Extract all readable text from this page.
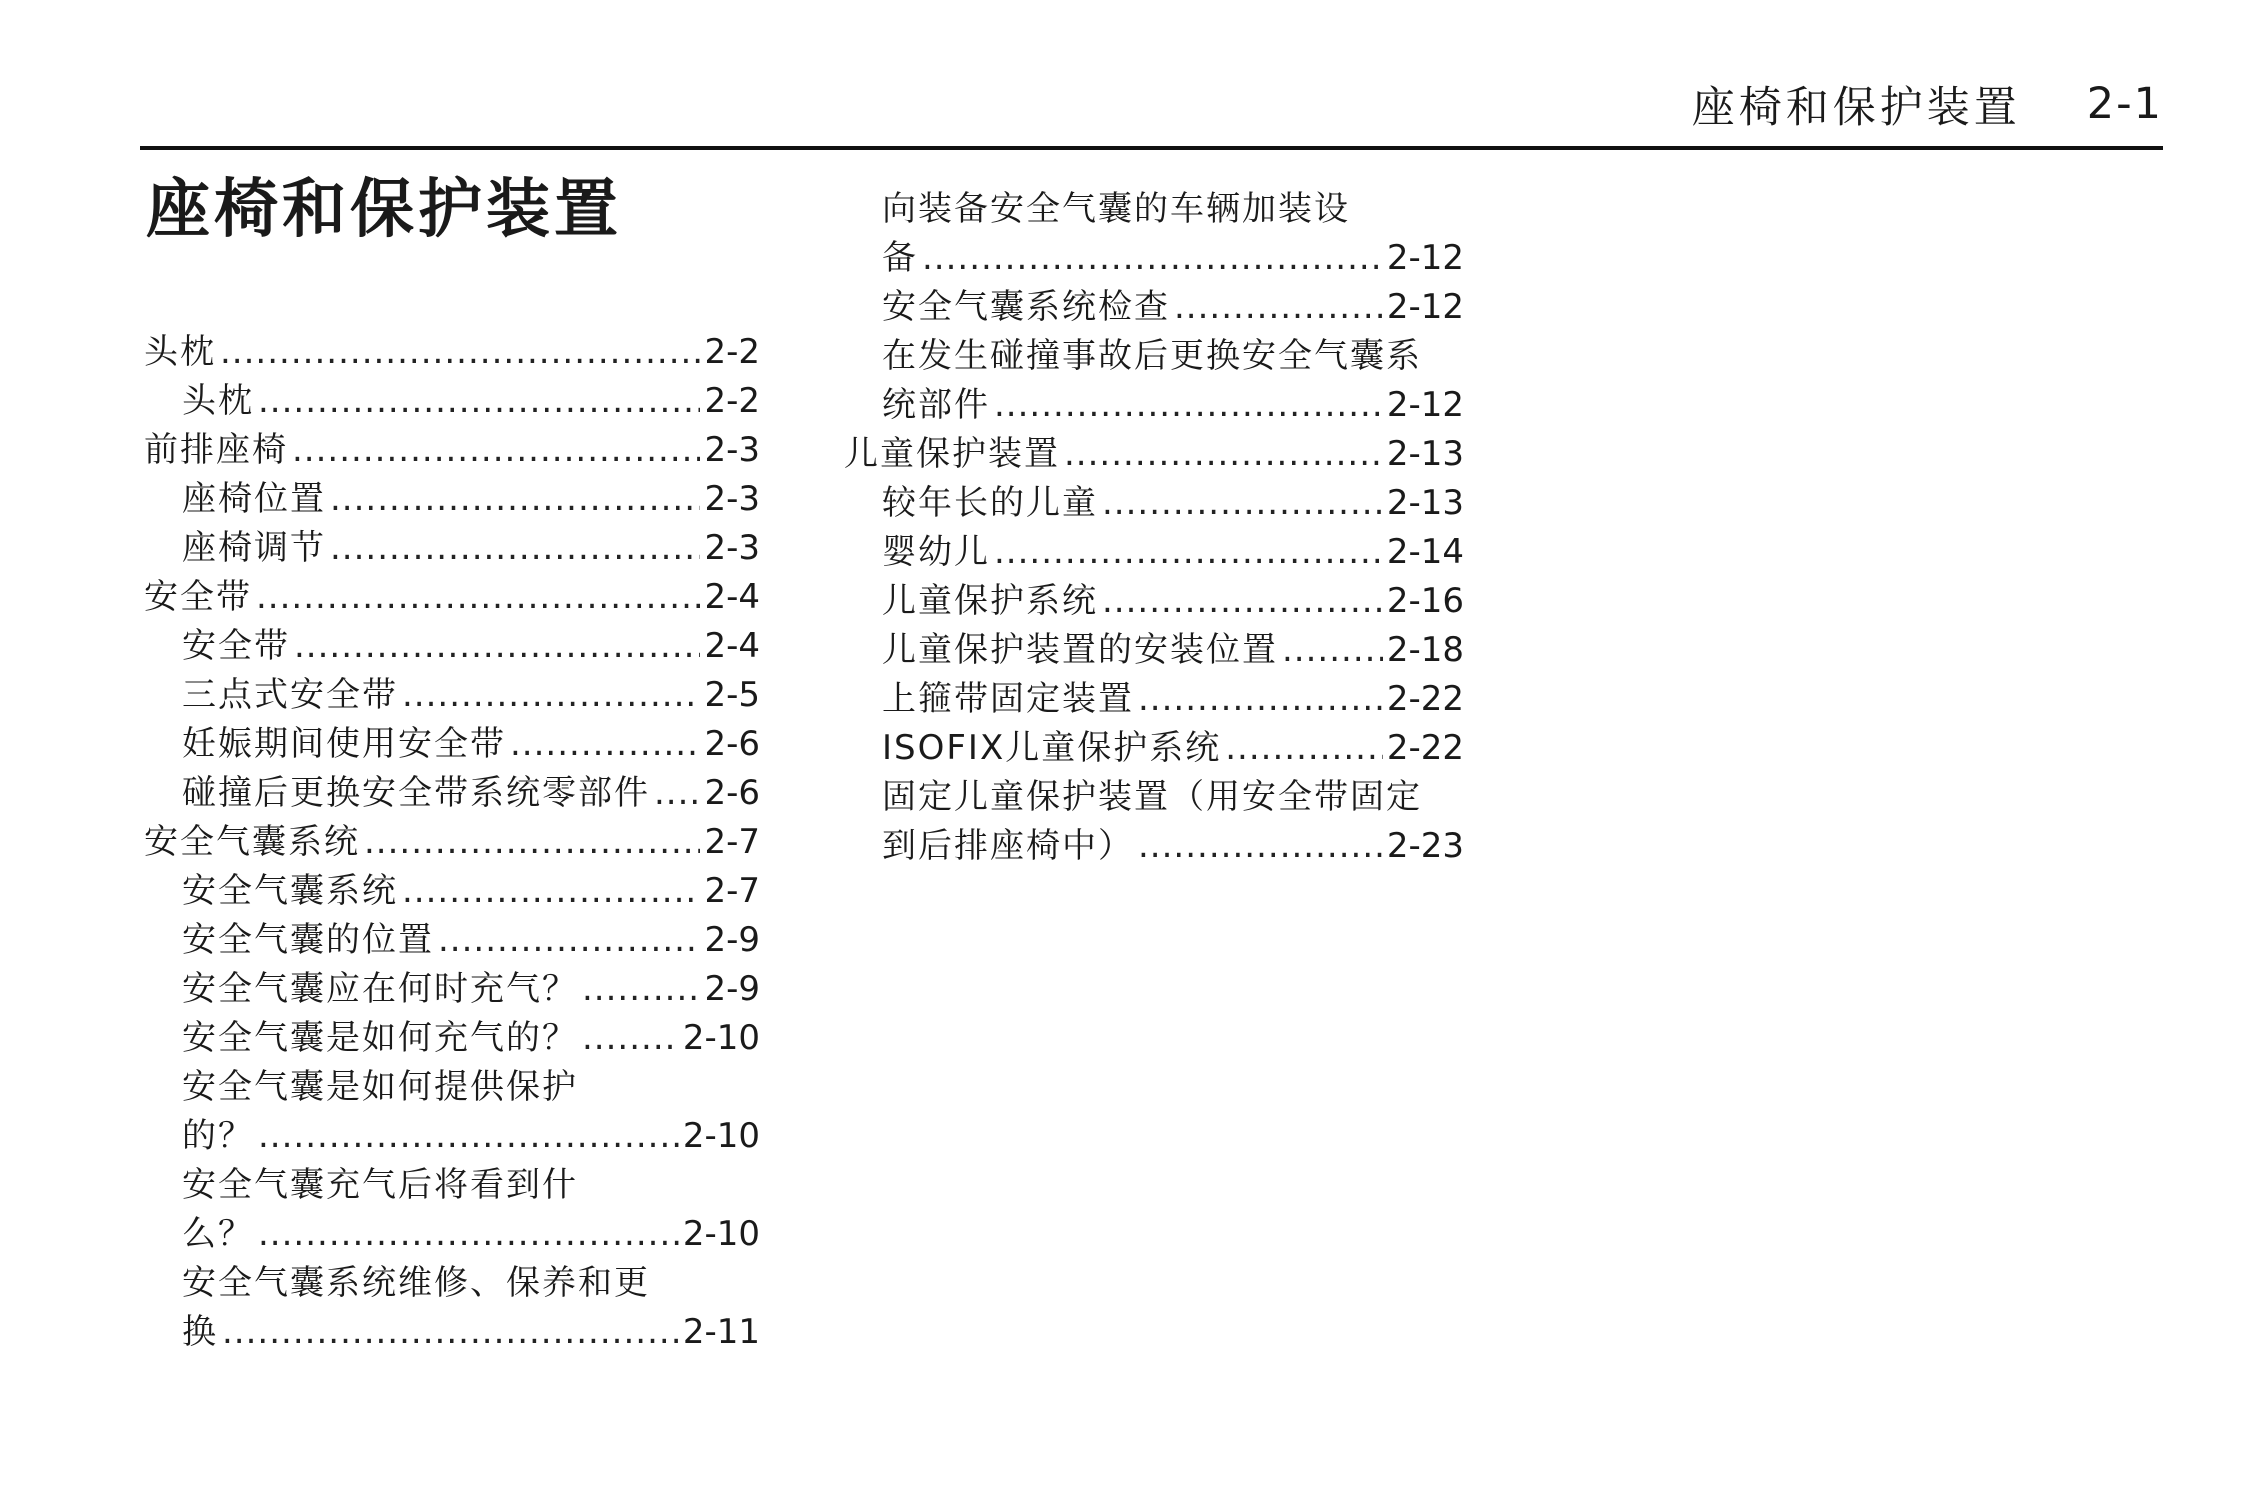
座椅和保护装置 2-1
座椅和保护装置
头枕 .....	2-2
头枕 .....	2-2
前排座椅 .....	2-3
座椅位置 .....	2-3
座椅调节 .....	2-3
安全带 .....	2-4
安全带 .....	2-4
三点式安全带 .....	2-5
妊娠期间使用安全带 .....	2-6
碰撞后更换安全带系统零部件 ..... 2-6
安全气囊系统 .....	2-7
安全气囊系统 .....	2-7
安全气囊的位置 .....	2-9
安全气囊应在何时充气？ .....	2-9
安全气囊是如何充气的？ .....	2-10
安全气囊是如何提供保护
的？ .....	2-10
安全气囊充气后将看到什
么？ .....	2-10
安全气囊系统维修、保养和更
换 .....	2-11
向装备安全气囊的车辆加装设
备 .....	2-12
安全气囊系统检查 .....	2-12
在发生碰撞事故后更换安全气囊系
统部件 .....	2-12
儿童保护装置 .....	2-13
较年长的儿童 .....	2-13
婴幼儿 .....	2-14
儿童保护系统 .....	2-16
儿童保护装置的安装位置 .....	2-18
上箍带固定装置 .....	2-22
ISOFIX儿童保护系统 .....	2-22
固定儿童保护装置（用安全带固定
到后排座椅中） .....	2-23
